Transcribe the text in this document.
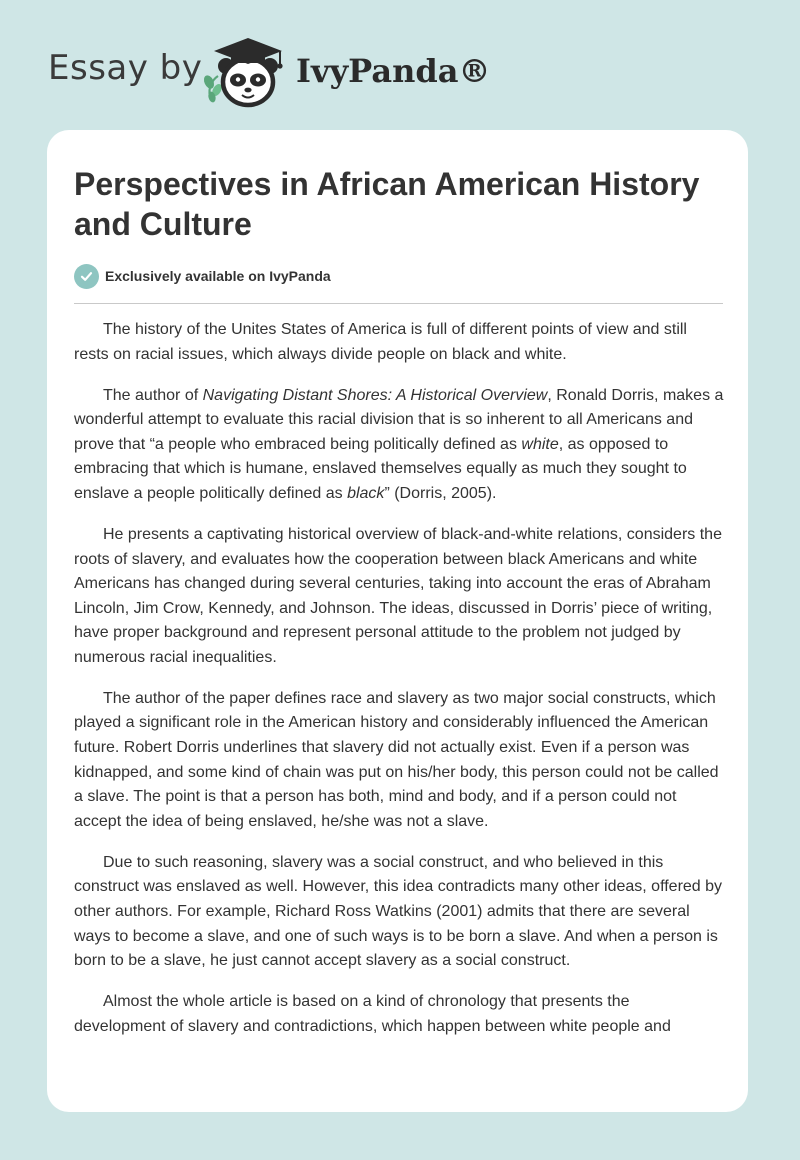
Essay by	IvyPanda®
Perspectives in African American History and Culture
Exclusively available on IvyPanda

The history of the Unites States of America is full of different points of view and still rests on racial issues, which always divide people on black and white.

The author of Navigating Distant Shores: A Historical Overview, Ronald Dorris, makes a wonderful attempt to evaluate this racial division that is so inherent to all Americans and prove that “a people who embraced being politically defined as white, as opposed to embracing that which is humane, enslaved themselves equally as much they sought to enslave a people politically defined as black” (Dorris, 2005).

He presents a captivating historical overview of black-and-white relations, considers the roots of slavery, and evaluates how the cooperation between black Americans and white Americans has changed during several centuries, taking into account the eras of Abraham Lincoln, Jim Crow, Kennedy, and Johnson. The ideas, discussed in Dorris’ piece of writing, have proper background and represent personal attitude to the problem not judged by numerous racial inequalities.

The author of the paper defines race and slavery as two major social constructs, which played a significant role in the American history and considerably influenced the American future. Robert Dorris underlines that slavery did not actually exist. Even if a person was kidnapped, and some kind of chain was put on his/her body, this person could not be called a slave. The point is that a person has both, mind and body, and if a person could not accept the idea of being enslaved, he/she was not a slave.

Due to such reasoning, slavery was a social construct, and who believed in this construct was enslaved as well. However, this idea contradicts many other ideas, offered by other authors. For example, Richard Ross Watkins (2001) admits that there are several ways to become a slave, and one of such ways is to be born a slave. And when a person is born to be a slave, he just cannot accept slavery as a social construct.

Almost the whole article is based on a kind of chronology that presents the development of slavery and contradictions, which happen between white people and
